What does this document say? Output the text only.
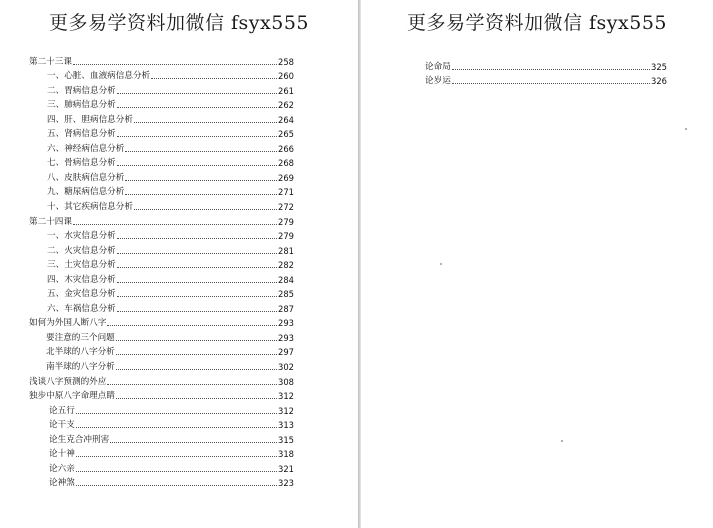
更多易学资料加微信 fsyx555
第二十三课	258
一、心脏、血液病信息分析	260
二、胃病信息分析	261
三、肺病信息分析	262
四、肝、胆病信息分析	264
五、肾病信息分析	265
六、神经病信息分析	266
七、骨病信息分析	268
八、皮肤病信息分析	269
九、糖尿病信息分析	271
十、其它疾病信息分析	272
第二十四课	279
一、水灾信息分析	279
二、火灾信息分析	281
三、土灾信息分析	282
四、木灾信息分析	284
五、金灾信息分析	285
六、车祸信息分析	287
如何为外国人断八字	293
要注意的三个问题	293
北半球的八字分析	297
南半球的八字分析	302
浅谈八字预测的外应	308
独步中原八字命理点睛	312
论五行	312
论干支	313
论生克合冲刑害	315
论十神	318
论六亲	321
论神煞	323
更多易学资料加微信 fsyx555
论命局	325
论岁运	326
